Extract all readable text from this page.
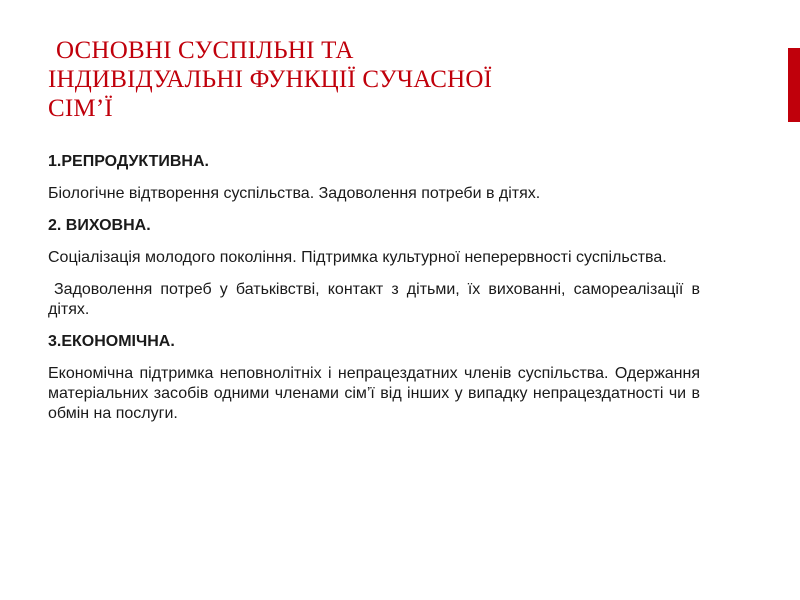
ОСНОВНІ СУСПІЛЬНІ ТА
ІНДИВІДУАЛЬНІ ФУНКЦІЇ СУЧАСНОЇ
СІМ’Ї

1.РЕПРОДУКТИВНА.

Біологічне відтворення суспільства. Задоволення потреби в дітях.

2. ВИХОВНА.

Соціалізація молодого покоління. Підтримка культурної неперервності суспільства.

Задоволення потреб у батьківстві, контакт з дітьми, їх вихованні, самореалізації в дітях.

3.ЕКОНОМІЧНА.

Економічна підтримка неповнолітніх і непрацездатних членів суспільства. Одержання матеріальних засобів одними членами сім’ї від інших у випадку непрацездатності чи в обмін на послуги.
